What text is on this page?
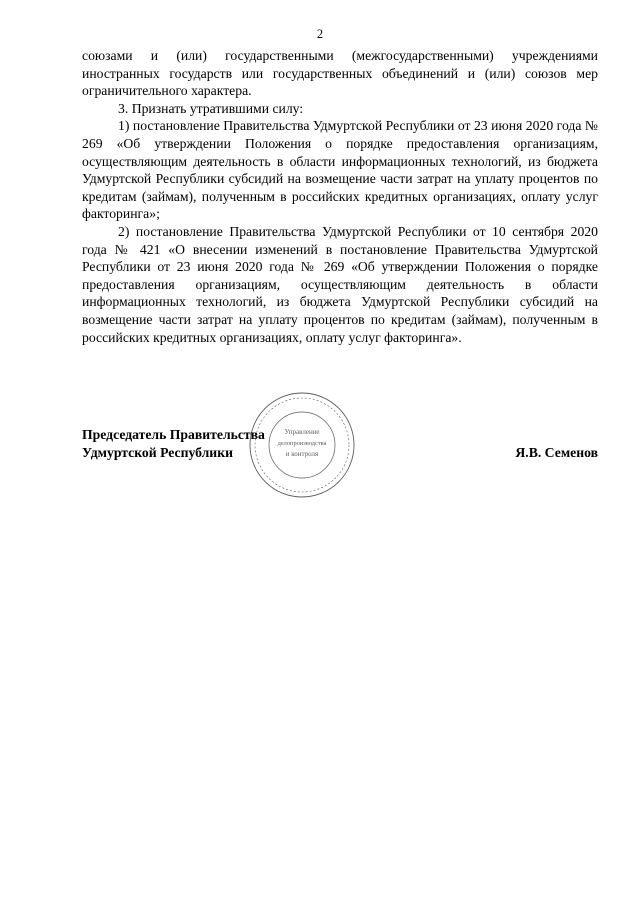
2

союзами и (или) государственными (межгосударственными) учреждениями иностранных государств или государственных объединений и (или) союзов мер ограничительного характера.

3. Признать утратившими силу:

1) постановление Правительства Удмуртской Республики от 23 июня 2020 года № 269 «Об утверждении Положения о порядке предоставления организациям, осуществляющим деятельность в области информационных технологий, из бюджета Удмуртской Республики субсидий на возмещение части затрат на уплату процентов по кредитам (займам), полученным в российских кредитных организациях, оплату услуг факторинга»;

2) постановление Правительства Удмуртской Республики от 10 сентября 2020 года № 421 «О внесении изменений в постановление Правительства Удмуртской Республики от 23 июня 2020 года № 269 «Об утверждении Положения о порядке предоставления организациям, осуществляющим деятельность в области информационных технологий, из бюджета Удмуртской Республики субсидий на возмещение части затрат на уплату процентов по кредитам (займам), полученным в российских кредитных организациях, оплату услуг факторинга».

Управление
делопроизводства
и контроля
Председатель Правительства
Удмуртской Республики	Я.В. Семенов
